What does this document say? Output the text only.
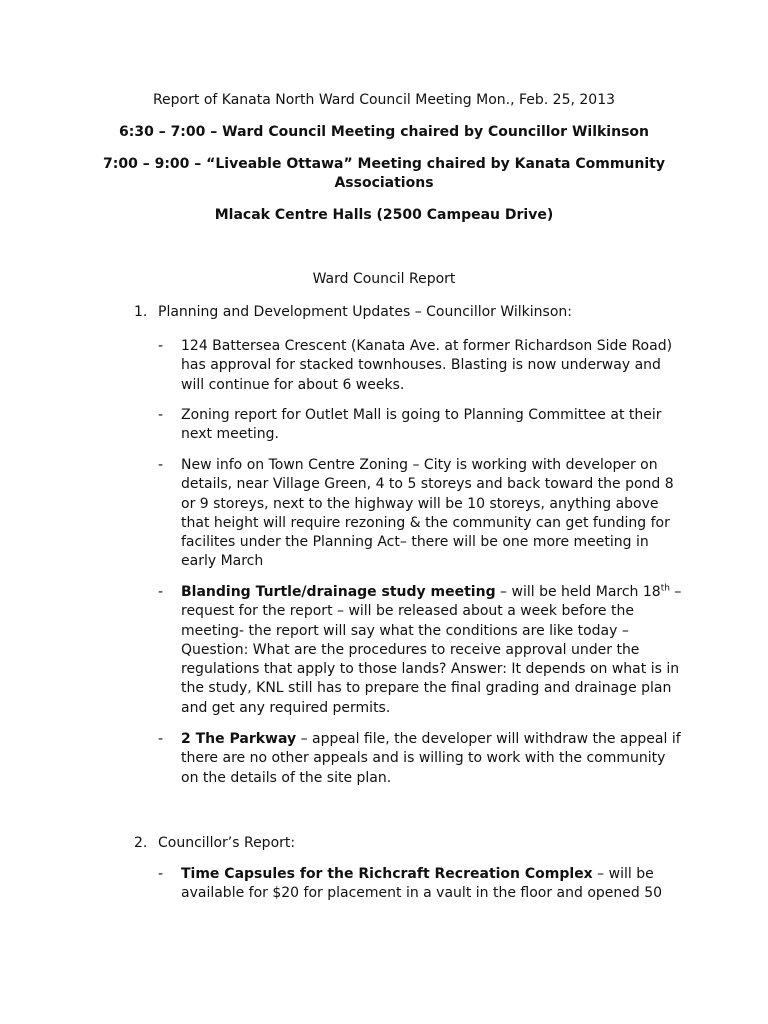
Report of Kanata North Ward Council Meeting Mon., Feb. 25, 2013
6:30 – 7:00 – Ward Council Meeting chaired by Councillor Wilkinson
7:00 – 9:00 – “Liveable Ottawa” Meeting chaired by Kanata Community
Associations
Mlacak Centre Halls (2500 Campeau Drive)
Ward Council Report
1. Planning and Development Updates – Councillor Wilkinson:
-	124 Battersea Crescent (Kanata Ave. at former Richardson Side Road)
has approval for stacked townhouses. Blasting is now underway and
will continue for about 6 weeks.
-	Zoning report for Outlet Mall is going to Planning Committee at their
next meeting.
-	New info on Town Centre Zoning – City is working with developer on
details, near Village Green, 4 to 5 storeys and back toward the pond 8
or 9 storeys, next to the highway will be 10 storeys, anything above
that height will require rezoning & the community can get funding for
facilites under the Planning Act– there will be one more meeting in
early March
-	Blanding Turtle/drainage study meeting – will be held March 18th –
request for the report – will be released about a week before the
meeting- the report will say what the conditions are like today –
Question: What are the procedures to receive approval under the
regulations that apply to those lands? Answer: It depends on what is in
the study, KNL still has to prepare the final grading and drainage plan
and get any required permits.
-	2 The Parkway – appeal file, the developer will withdraw the appeal if
there are no other appeals and is willing to work with the community
on the details of the site plan.
2. Councillor’s Report:
-	Time Capsules for the Richcraft Recreation Complex – will be
available for $20 for placement in a vault in the floor and opened 50
